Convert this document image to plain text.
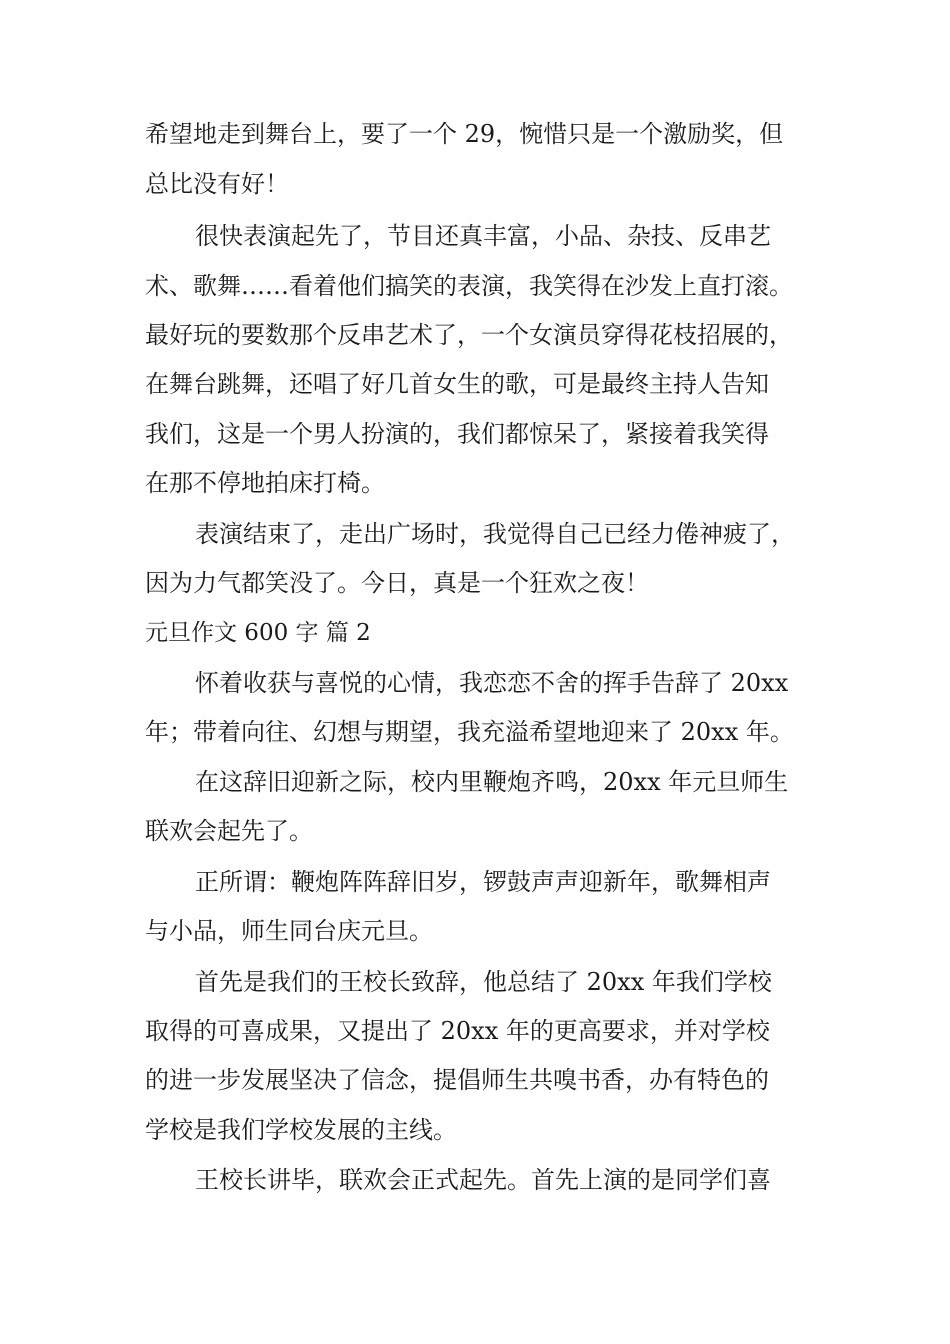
希望地走到舞台上，要了一个 29，惋惜只是一个激励奖，但
总比没有好！
很快表演起先了，节目还真丰富，小品、杂技、反串艺
术、歌舞……看着他们搞笑的表演，我笑得在沙发上直打滚。
最好玩的要数那个反串艺术了，一个女演员穿得花枝招展的，
在舞台跳舞，还唱了好几首女生的歌，可是最终主持人告知
我们，这是一个男人扮演的，我们都惊呆了，紧接着我笑得
在那不停地拍床打椅。
表演结束了，走出广场时，我觉得自己已经力倦神疲了，
因为力气都笑没了。今日，真是一个狂欢之夜！
元旦作文 600 字 篇 2
怀着收获与喜悦的心情，我恋恋不舍的挥手告辞了 20xx
年；带着向往、幻想与期望，我充溢希望地迎来了 20xx 年。
在这辞旧迎新之际，校内里鞭炮齐鸣，20xx 年元旦师生
联欢会起先了。
正所谓：鞭炮阵阵辞旧岁，锣鼓声声迎新年，歌舞相声
与小品，师生同台庆元旦。
首先是我们的王校长致辞，他总结了 20xx 年我们学校
取得的可喜成果，又提出了 20xx 年的更高要求，并对学校
的进一步发展坚决了信念，提倡师生共嗅书香，办有特色的
学校是我们学校发展的主线。
王校长讲毕，联欢会正式起先。首先上演的是同学们喜
